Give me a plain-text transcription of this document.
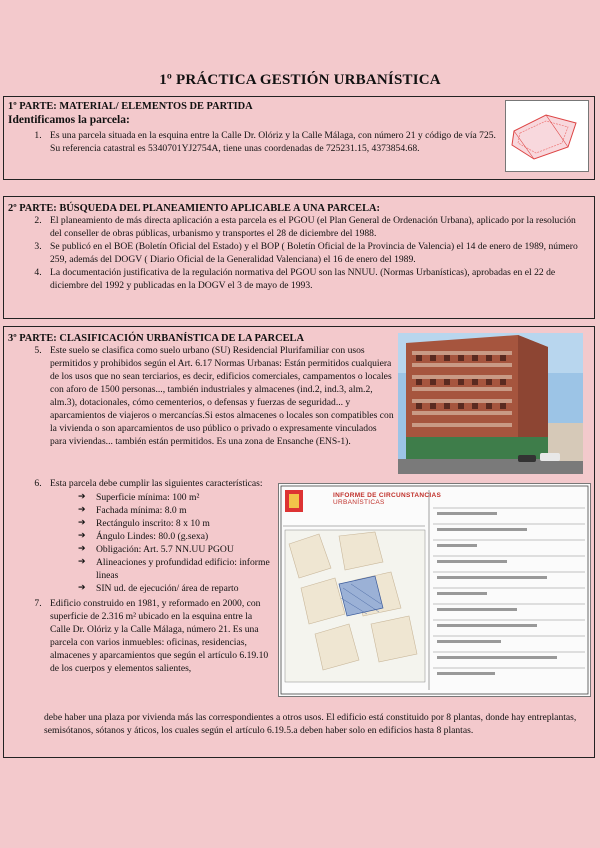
1º PRÁCTICA GESTIÓN URBANÍSTICA

1º PARTE: MATERIAL/ ELEMENTOS DE PARTIDA

Identificamos la parcela:

1. Es una parcela situada en la esquina entre la Calle Dr. Olóriz y la Calle Málaga, con número 21 y código de vía 725. Su referencia catastral es 5340701YJ2754A, tiene unas coordenadas de 725231.15, 4373854.68.

2º PARTE: BÚSQUEDA DEL PLANEAMIENTO APLICABLE A UNA PARCELA:

2. El planeamiento de más directa aplicación a esta parcela es el PGOU (el Plan General de Ordenación Urbana), aplicado por la resolución del conseller de obras públicas, urbanismo y transportes el 28 de diciembre del 1988.
3. Se publicó en el BOE (Boletín Oficial del Estado) y el BOP ( Boletín Oficial de la Provincia de Valencia) el 14 de enero de 1989, número 259, además del DOGV ( Diario Oficial de la Generalidad Valenciana) el 16 de enero del 1989.
4. La documentación justificativa de la regulación normativa del PGOU son las NNUU. (Normas Urbanísticas), aprobadas en el 22 de diciembre del 1992 y publicadas en la DOGV el 3 de mayo de 1993.

3º PARTE: CLASIFICACIÓN URBANÍSTICA DE LA PARCELA

5. Este suelo se clasifica como suelo urbano (SU) Residencial Plurifamiliar con usos permitidos y prohibidos según el Art. 6.17 Normas Urbanas: Están permitidos cualquiera de los usos que no sean terciarios, es decir, edificios comerciales, campamentos o locales con aforo de 1500 personas..., también industriales y almacenes (ind.2, ind.3, alm.2, alm.3), dotacionales, cómo cementerios, o defensas y fuerzas de seguridad... y aparcamientos de viajeros o mercancías.Si estos almacenes o locales son compatibles con la vivienda o son aparcamientos de uso público o privado o expresamente vinculados para viviendas... también están permitidos. Es una zona de Ensanche (ENS-1).
6. Esta parcela debe cumplir las siguientes características:
➔ Superficie mínima: 100 m²
➔ Fachada mínima: 8.0 m
➔ Rectángulo inscrito: 8 x 10 m
➔ Ángulo Lindes: 80.0 (g.sexa)
➔ Obligación: Art. 5.7 NN.UU PGOU
➔ Alineaciones y profundidad edificio: informe lineas
➔ SIN ud. de ejecución/ área de reparto
7. Edificio construido en 1981, y reformado en 2000, con superficie de 2.316 m² ubicado en la esquina entre la Calle Dr. Olóriz y la Calle Málaga, número 21. Es una parcela con varios inmuebles: oficinas, residencias, almacenes y aparcamientos que según el artículo 6.19.10 de los cuerpos y elementos salientes,

debe haber una plaza por vivienda más las correspondientes a otros usos. El edificio está constituido por 8 plantas, donde hay entreplantas, semisótanos, sótanos y áticos, los cuales según el artículo 6.19.5.a deben haber solo en edificios hasta 8 plantas.

INFORME DE CIRCUNSTANCIAS
URBANÍSTICAS
